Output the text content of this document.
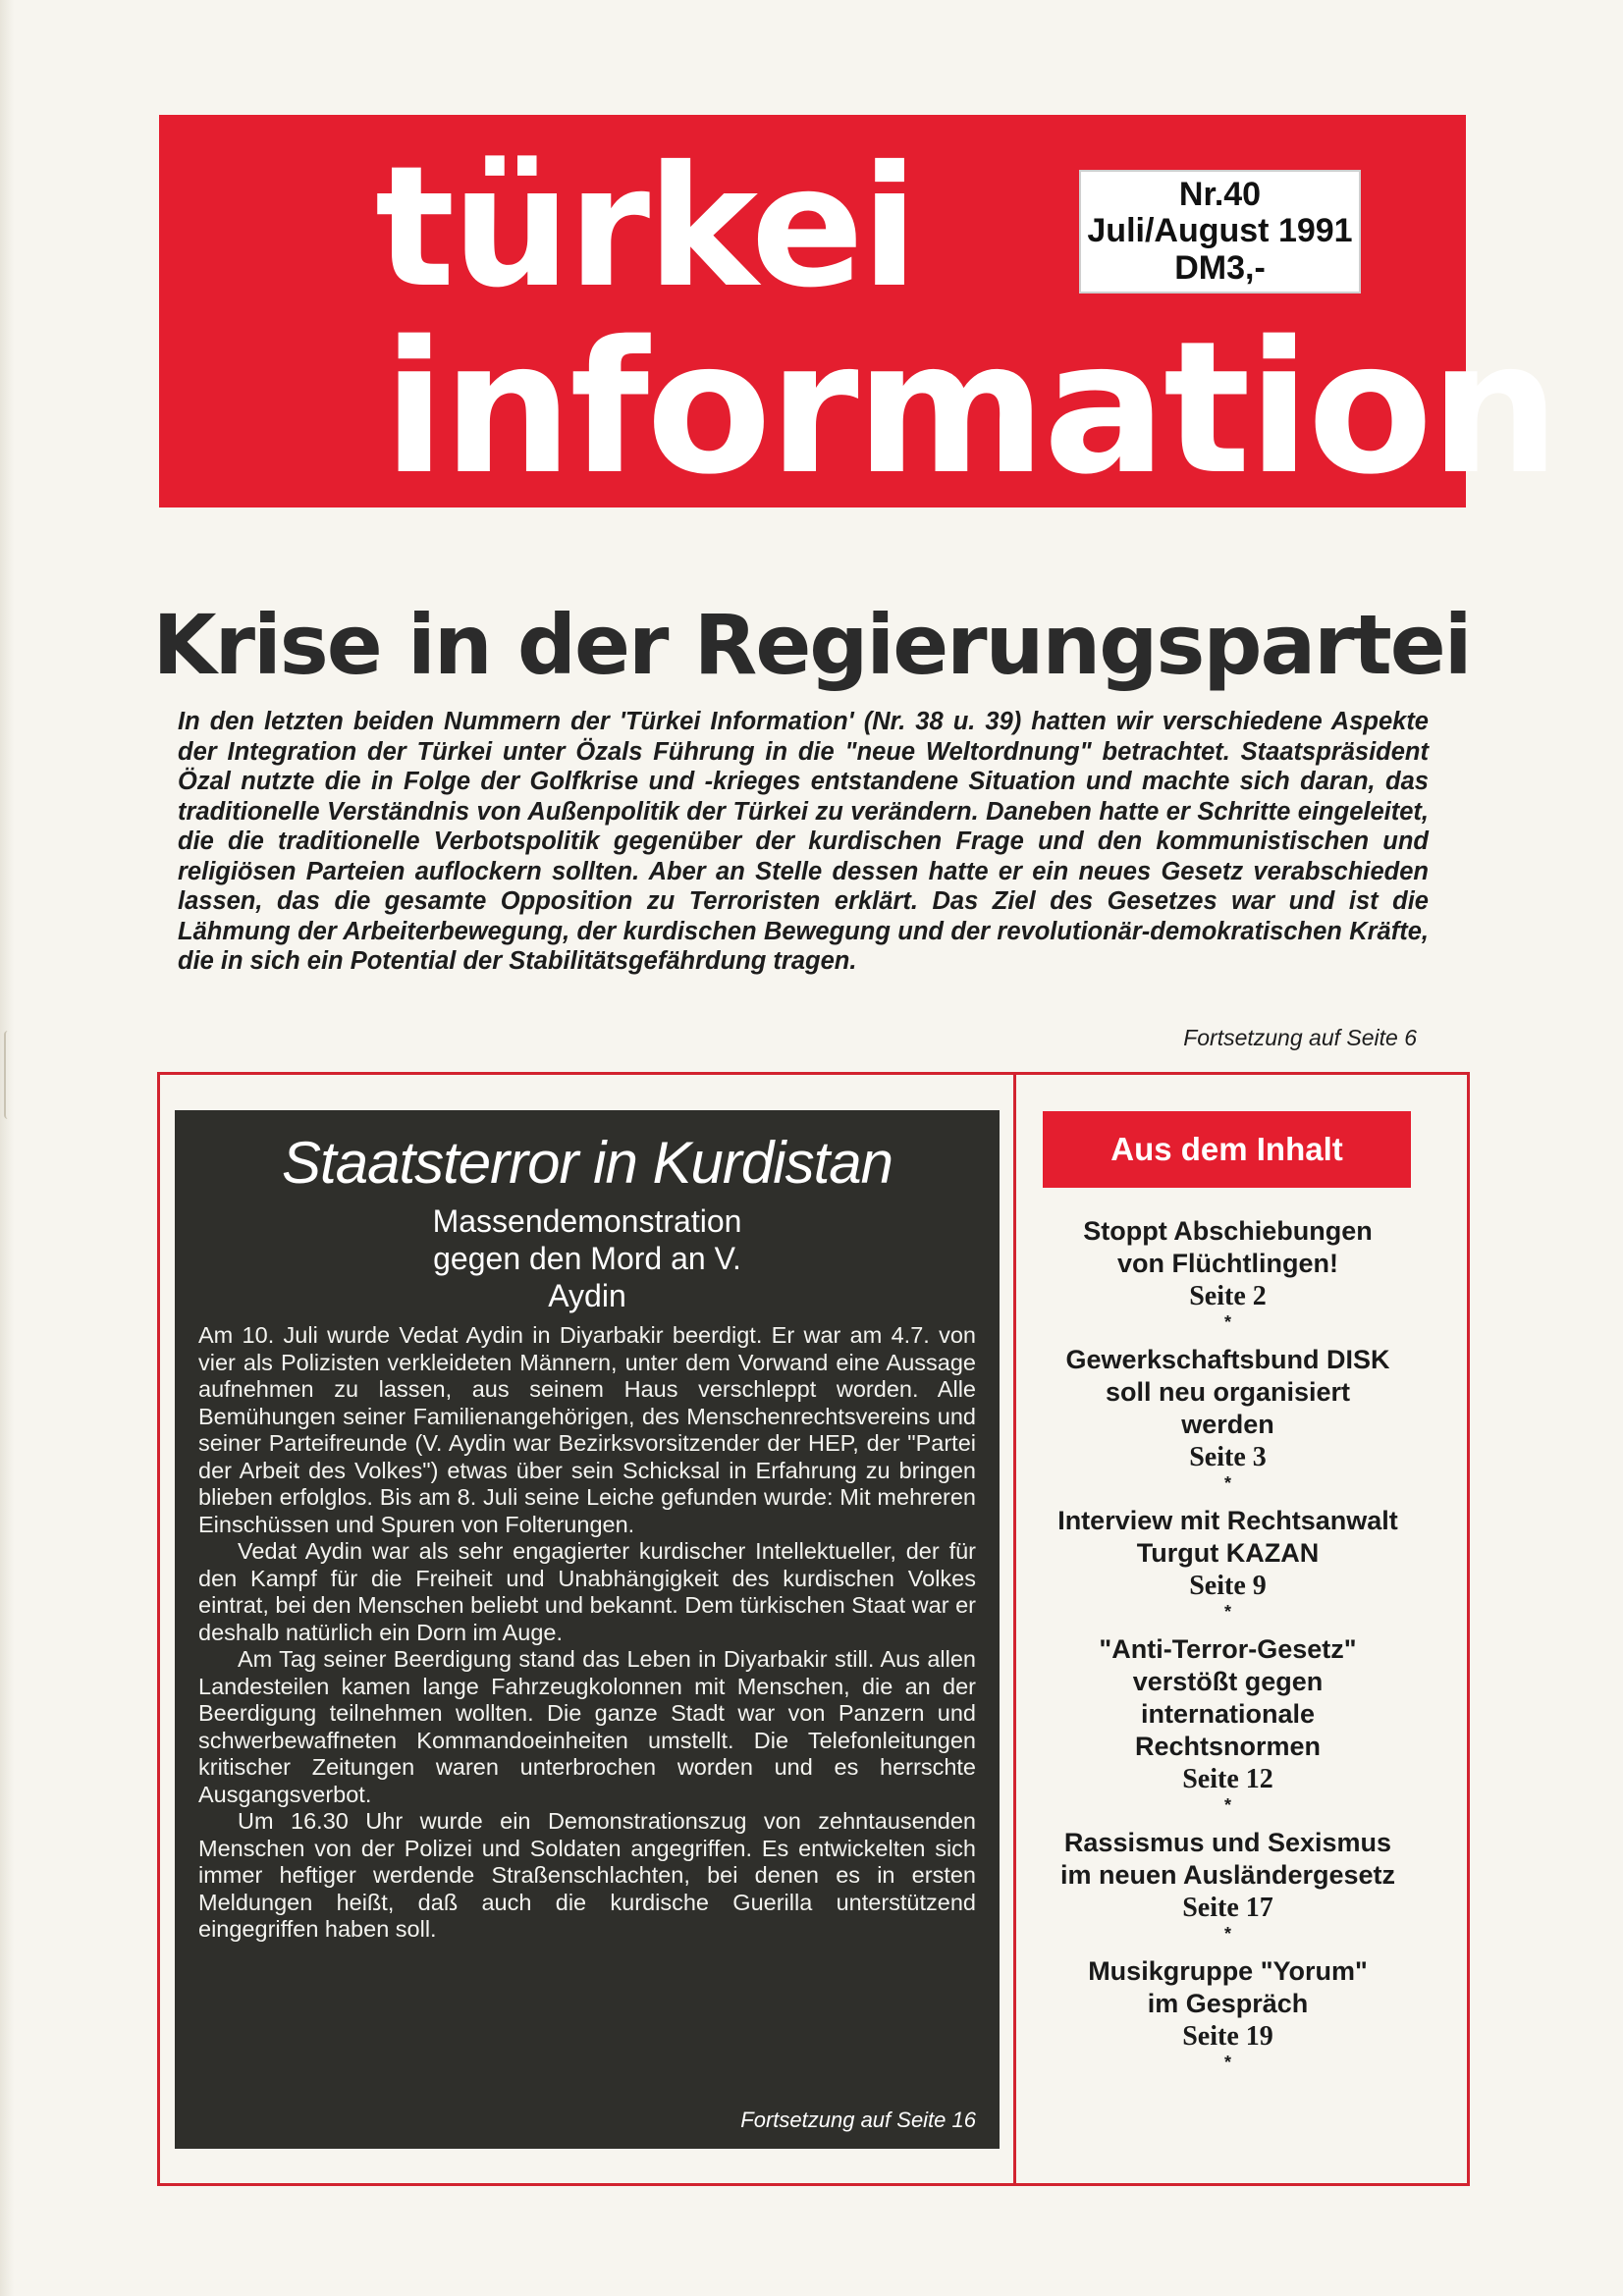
türkei
information
Nr.40
Juli/August 1991
DM3,-
Krise in der Regierungspartei

In den letzten beiden Nummern der 'Türkei Information' (Nr. 38 u. 39) hatten wir verschiedene Aspekte der Integration der Türkei unter Özals Führung in die "neue Weltordnung" betrachtet. Staatspräsident Özal nutzte die in Folge der Golfkrise und -krieges entstandene Situation und machte sich daran, das traditionelle Verständnis von Außenpolitik der Türkei zu verändern. Daneben hatte er Schritte eingeleitet, die die traditionelle Verbotspolitik gegenüber der kurdischen Frage und den kommunistischen und religiösen Parteien auflockern sollten. Aber an Stelle dessen hatte er ein neues Gesetz verabschieden lassen, das die gesamte Opposition zu Terroristen erklärt. Das Ziel des Gesetzes war und ist die Lähmung der Arbeiterbewegung, der kurdischen Bewegung und der revolutionär-demokratischen Kräfte, die in sich ein Potential der Stabilitätsgefährdung tragen.

Fortsetzung auf Seite 6
Staatsterror in Kurdistan
Massendemonstration gegen den Mord an V. Aydin

Am 10. Juli wurde Vedat Aydin in Diyarbakir beerdigt. Er war am 4.7. von vier als Polizisten verkleideten Männern, unter dem Vorwand eine Aussage aufnehmen zu lassen, aus seinem Haus verschleppt worden. Alle Bemühungen seiner Familienangehörigen, des Menschenrechtsvereins und seiner Parteifreunde (V. Aydin war Bezirksvorsitzender der HEP, der "Partei der Arbeit des Volkes") etwas über sein Schicksal in Erfahrung zu bringen blieben erfolglos. Bis am 8. Juli seine Leiche gefunden wurde: Mit mehreren Einschüssen und Spuren von Folterungen.

Vedat Aydin war als sehr engagierter kurdischer Intellektueller, der für den Kampf für die Freiheit und Unabhängigkeit des kurdischen Volkes eintrat, bei den Menschen beliebt und bekannt. Dem türkischen Staat war er deshalb natürlich ein Dorn im Auge.

Am Tag seiner Beerdigung stand das Leben in Diyarbakir still. Aus allen Landesteilen kamen lange Fahrzeugkolonnen mit Menschen, die an der Beerdigung teilnehmen wollten. Die ganze Stadt war von Panzern und schwerbewaffneten Kommandoeinheiten umstellt. Die Telefonleitungen kritischer Zeitungen waren unterbrochen worden und es herrschte Ausgangsverbot.

Um 16.30 Uhr wurde ein Demonstrationszug von zehntausenden Menschen von der Polizei und Soldaten angegriffen. Es entwickelten sich immer heftiger werdende Straßenschlachten, bei denen es in ersten Meldungen heißt, daß auch die kurdische Guerilla unterstützend eingegriffen haben soll.

Fortsetzung auf Seite 16
Aus dem Inhalt
Stoppt Abschiebungen
von Flüchtlingen!
Seite 2
*
Gewerkschaftsbund DISK
soll neu organisiert
werden
Seite 3
*
Interview mit Rechtsanwalt
Turgut KAZAN
Seite 9
*
"Anti-Terror-Gesetz"
verstößt gegen
internationale
Rechtsnormen
Seite 12
*
Rassismus und Sexismus
im neuen Ausländergesetz
Seite 17
*
Musikgruppe "Yorum"
im Gespräch
Seite 19
*
